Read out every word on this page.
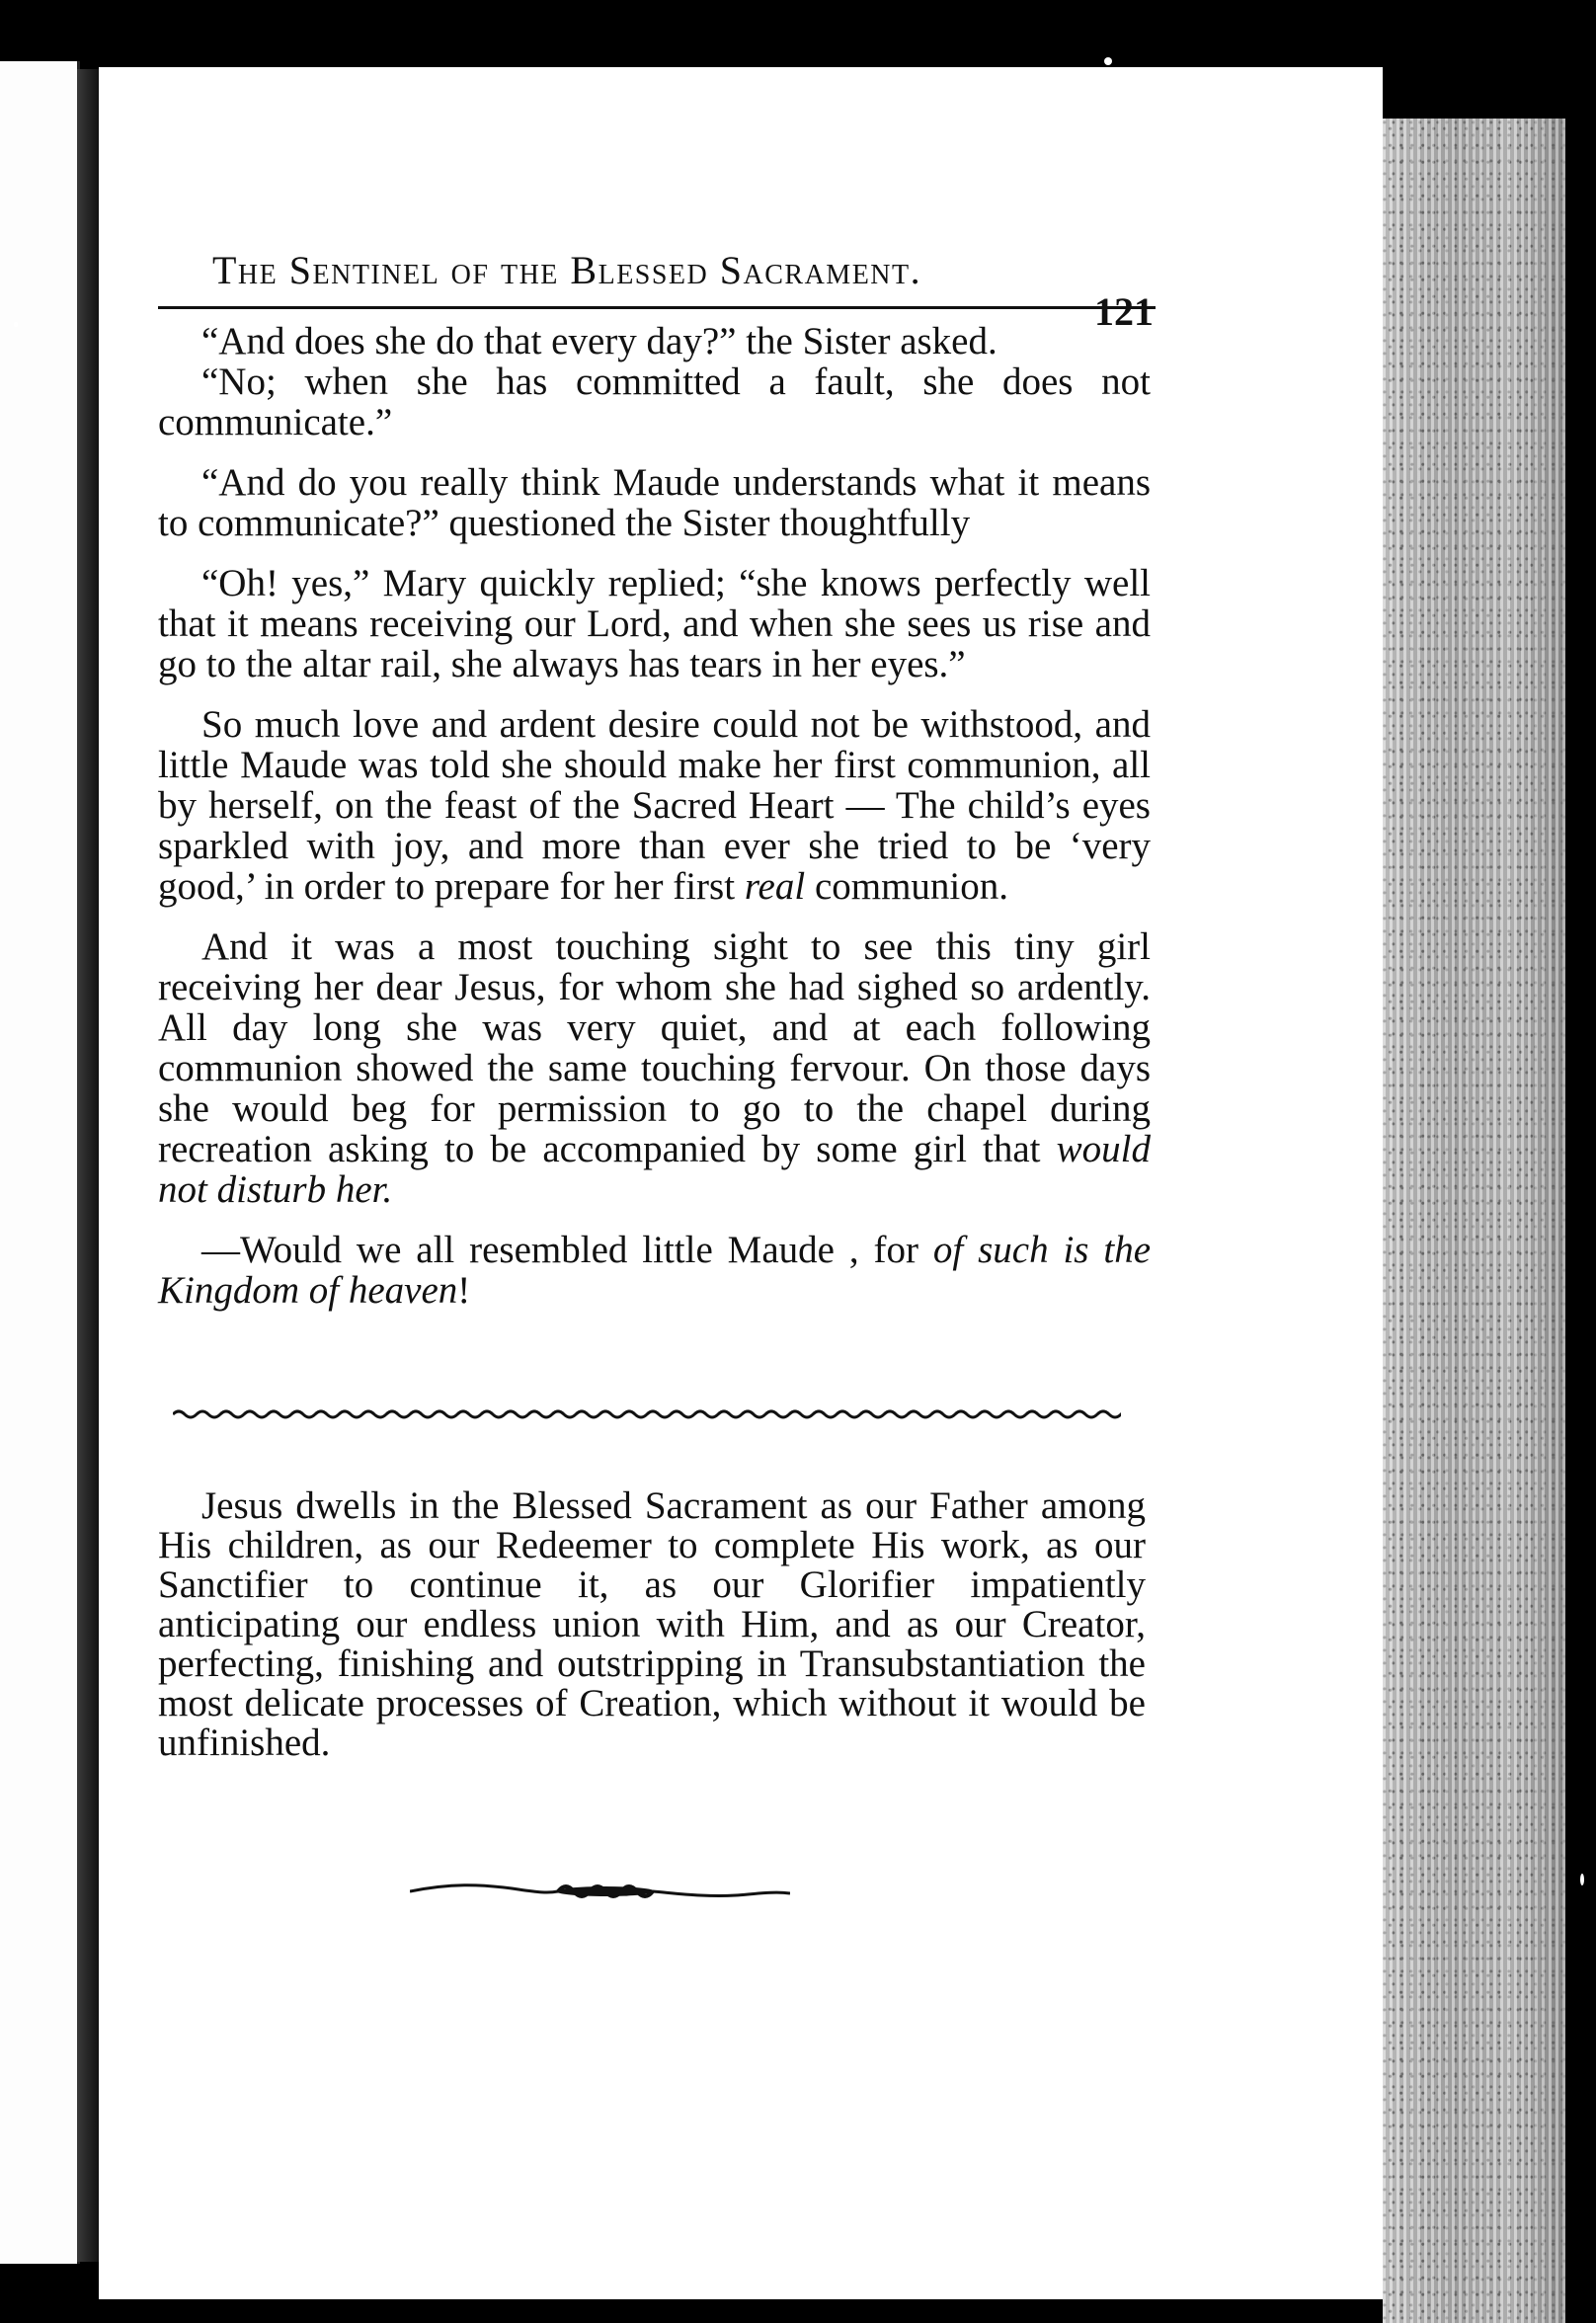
The Sentinel of the Blessed Sacrament.
121

“And does she do that every day?” the Sister asked.

“No; when she has committed a fault, she does not communicate.”

“And do you really think Maude understands what it means to communicate?” questioned the Sister thoughtfully

“Oh! yes,” Mary quickly replied; “she knows perfectly well that it means receiving our Lord, and when she sees us rise and go to the altar rail, she always has tears in her eyes.”

So much love and ardent desire could not be withstood, and little Maude was told she should make her first communion, all by herself, on the feast of the Sacred Heart — The child’s eyes sparkled with joy, and more than ever she tried to be ‘very good,’ in order to prepare for her first real communion.

And it was a most touching sight to see this tiny girl receiving her dear Jesus, for whom she had sighed so ardently. All day long she was very quiet, and at each following communion showed the same touching fervour. On those days she would beg for permission to go to the chapel during recreation asking to be accompanied by some girl that would not disturb her.

—Would we all resembled little Maude , for of such is the Kingdom of heaven!

Jesus dwells in the Blessed Sacrament as our Father among His children, as our Redeemer to complete His work, as our Sanctifier to continue it, as our Glorifier impatiently anticipating our endless union with Him, and as our Creator, perfecting, finishing and outstripping in Transubstantiation the most delicate processes of Creation, which without it would be unfinished.
